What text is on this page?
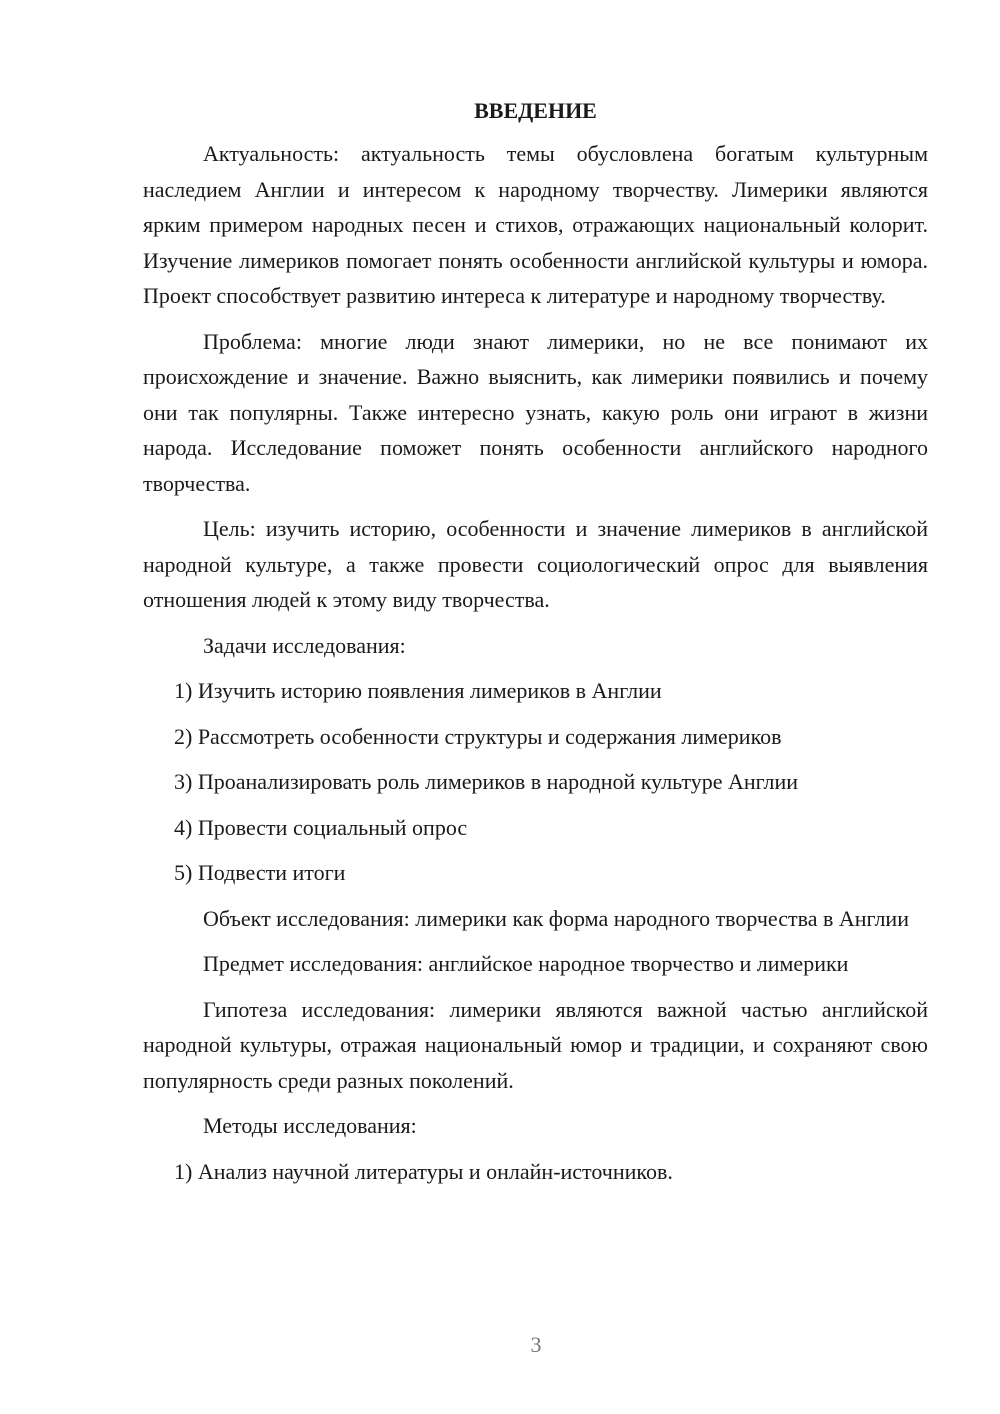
ВВЕДЕНИЕ

Актуальность: актуальность темы обусловлена богатым культурным наследием Англии и интересом к народному творчеству. Лимерики являются ярким примером народных песен и стихов, отражающих национальный колорит. Изучение лимериков помогает понять особенности английской культуры и юмора. Проект способствует развитию интереса к литературе и народному творчеству.

Проблема: многие люди знают лимерики, но не все понимают их происхождение и значение. Важно выяснить, как лимерики появились и почему они так популярны. Также интересно узнать, какую роль они играют в жизни народа. Исследование поможет понять особенности английского народного творчества.

Цель: изучить историю, особенности и значение лимериков в английской народной культуре, а также провести социологический опрос для выявления отношения людей к этому виду творчества.

Задачи исследования:

1) Изучить историю появления лимериков в Англии

2) Рассмотреть особенности структуры и содержания лимериков

3) Проанализировать роль лимериков в народной культуре Англии

4) Провести социальный опрос

5) Подвести итоги

Объект исследования: лимерики как форма народного творчества в Англии

Предмет исследования: английское народное творчество и лимерики

Гипотеза исследования: лимерики являются важной частью английской народной культуры, отражая национальный юмор и традиции, и сохраняют свою популярность среди разных поколений.

Методы исследования:

1) Анализ научной литературы и онлайн-источников.

3
